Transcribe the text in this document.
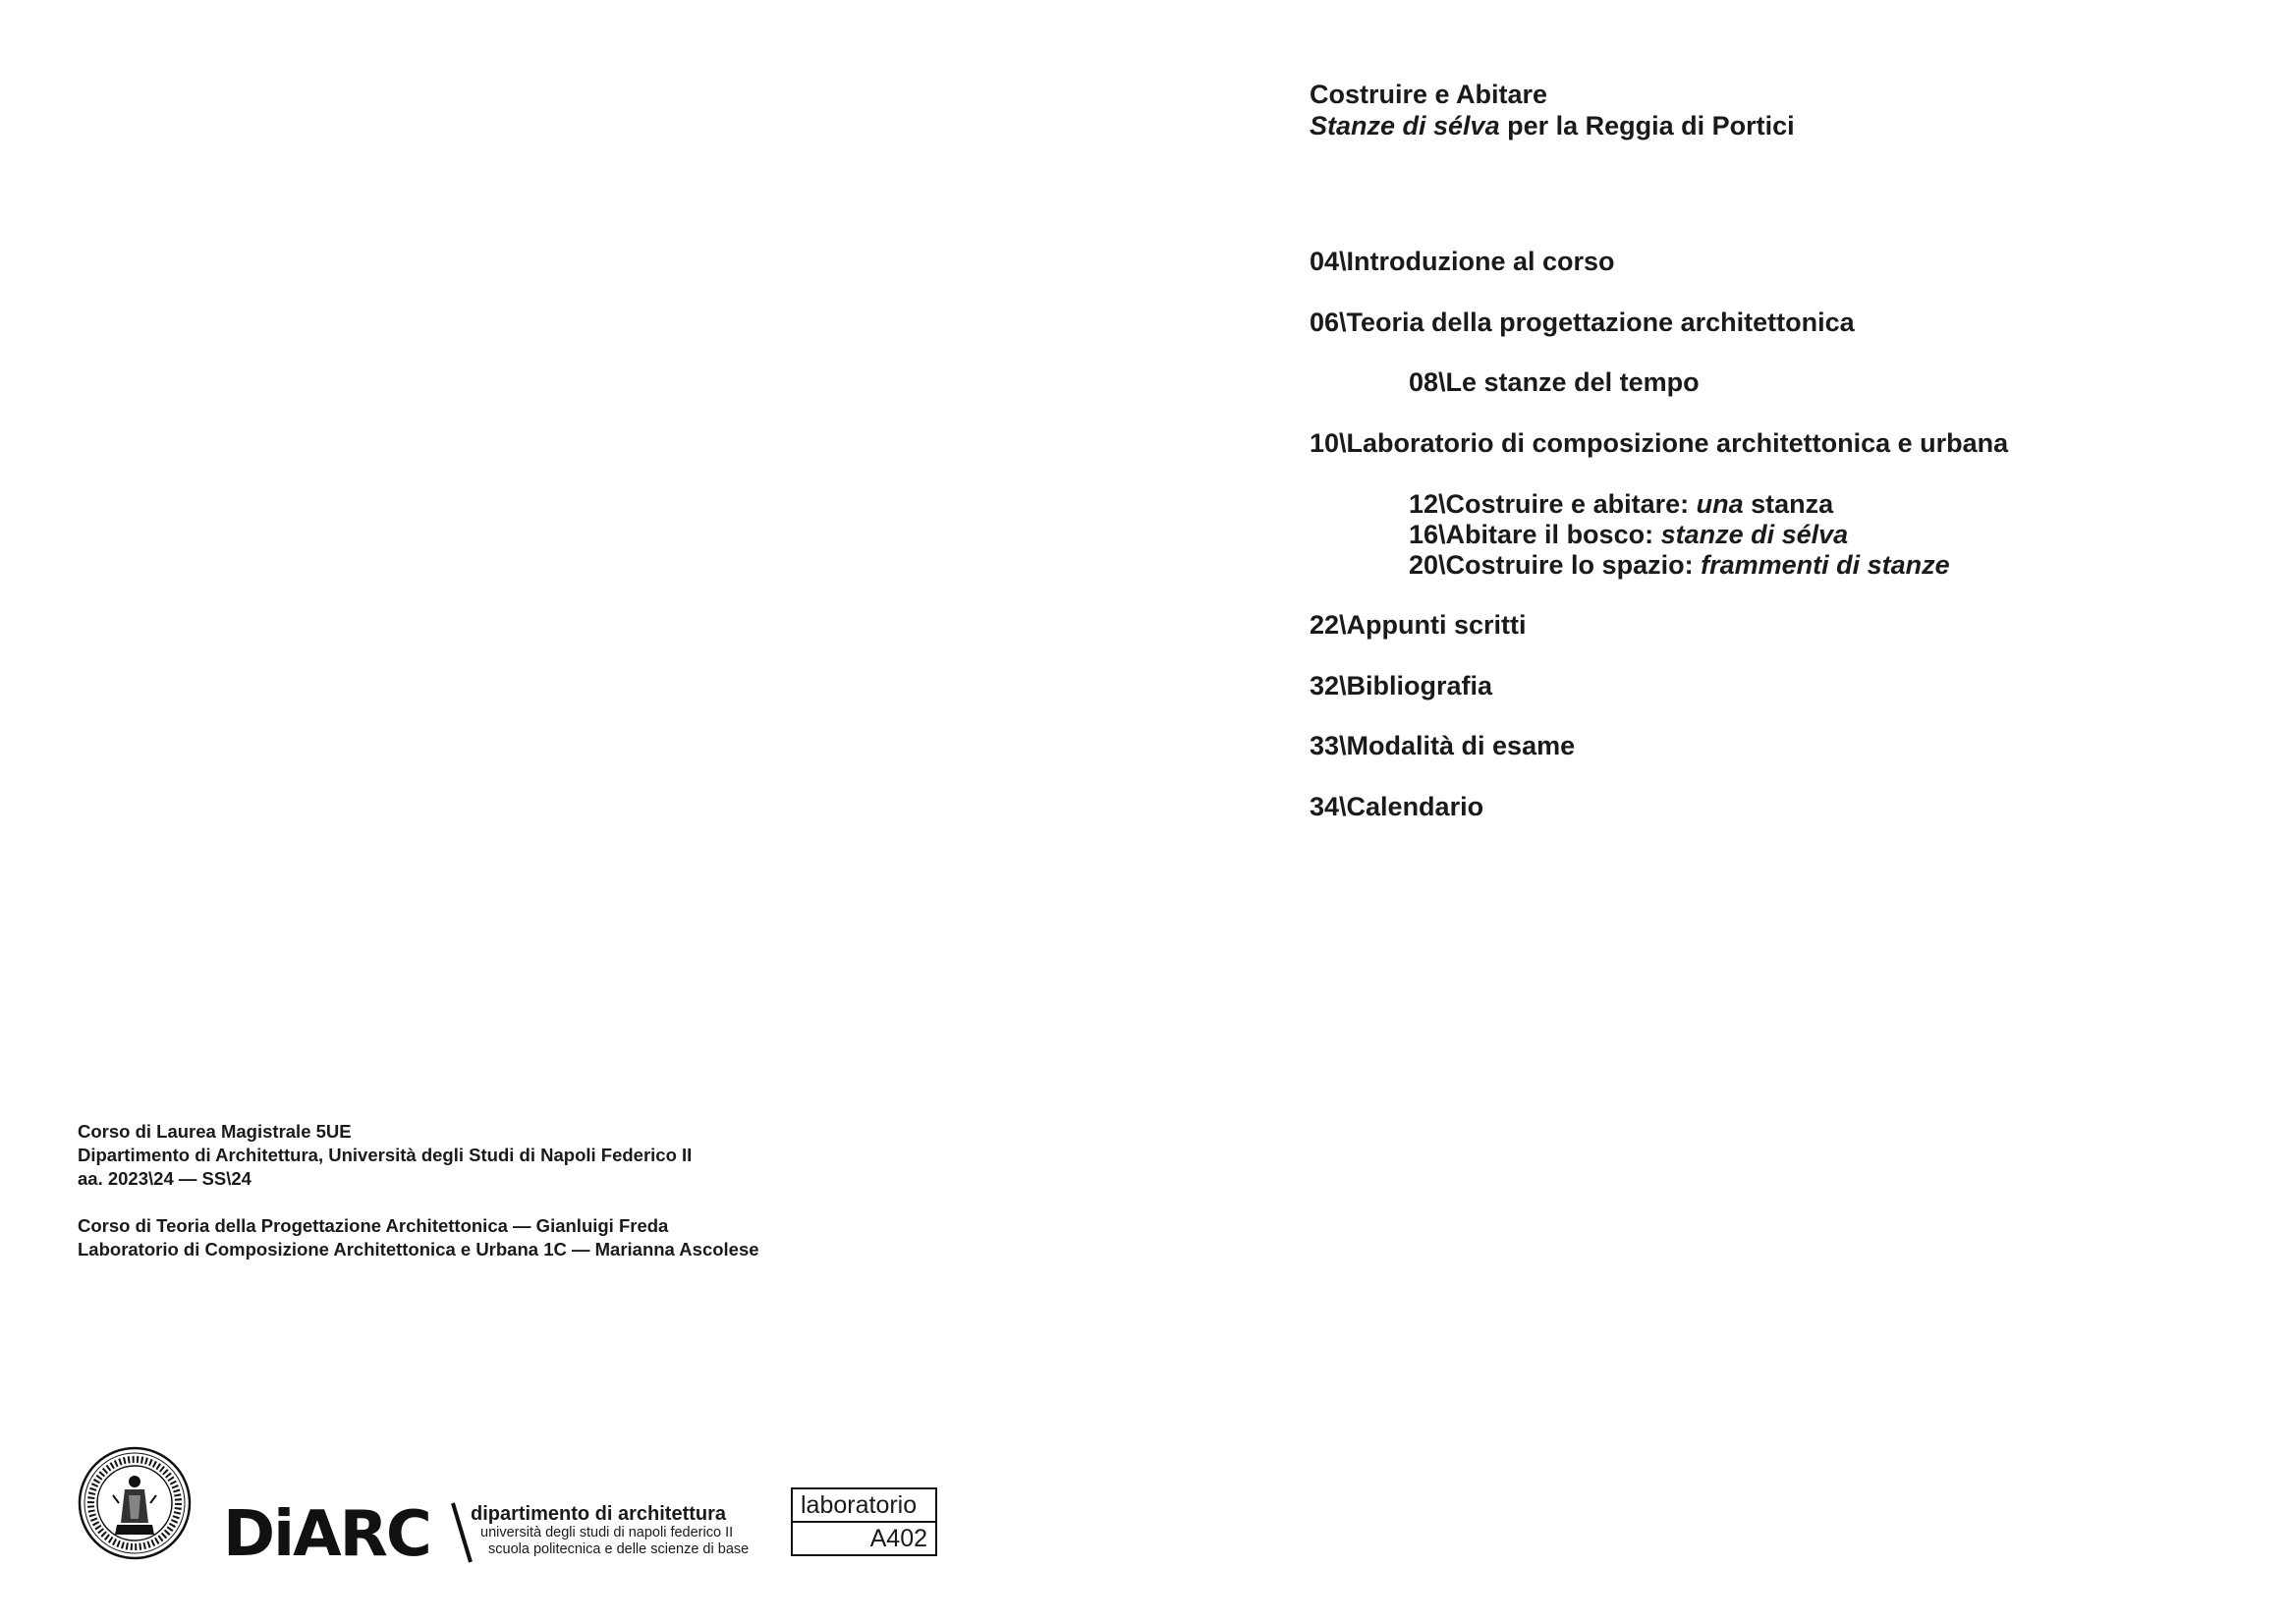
Costruire e Abitare
Stanze di sélva per la Reggia di Portici
04\Introduzione al corso
06\Teoria della progettazione architettonica
08\Le stanze del tempo
10\Laboratorio di composizione architettonica e urbana
12\Costruire e abitare: una stanza
16\Abitare il bosco: stanze di sélva
20\Costruire lo spazio: frammenti di stanze
22\Appunti scritti
32\Bibliografia
33\Modalità di esame
34\Calendario

Corso di Laurea Magistrale 5UE

Dipartimento di Architettura, Università degli Studi di Napoli Federico II

aa. 2023\24 — SS\24

Corso di Teoria della Progettazione Architettonica — Gianluigi Freda

Laboratorio di Composizione Architettonica e Urbana 1C — Marianna Ascolese

DiARC dipartimento di architettura
università degli studi di napoli federico II
scuola politecnica e delle scienze di base
laboratorio
A402
